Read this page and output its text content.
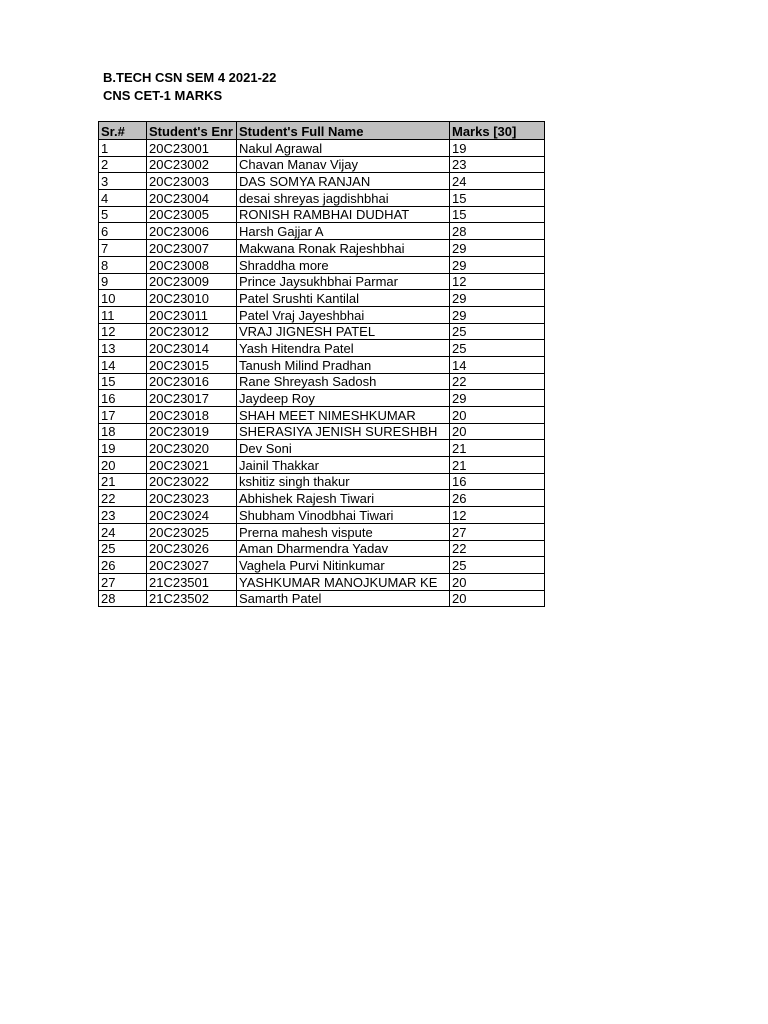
B.TECH CSN SEM 4 2021-22
CNS CET-1 MARKS
Sr.#	Student's Enr	Student's Full Name	Marks [30]
1	20C23001	Nakul Agrawal	19
2	20C23002	Chavan Manav Vijay	23
3	20C23003	DAS SOMYA RANJAN	24
4	20C23004	desai shreyas jagdishbhai	15
5	20C23005	RONISH RAMBHAI DUDHAT	15
6	20C23006	Harsh Gajjar A	28
7	20C23007	Makwana Ronak Rajeshbhai	29
8	20C23008	Shraddha more	29
9	20C23009	Prince Jaysukhbhai Parmar	12
10	20C23010	Patel Srushti Kantilal	29
11	20C23011	Patel Vraj Jayeshbhai	29
12	20C23012	VRAJ JIGNESH PATEL	25
13	20C23014	Yash Hitendra Patel	25
14	20C23015	Tanush Milind Pradhan	14
15	20C23016	Rane Shreyash Sadosh	22
16	20C23017	Jaydeep Roy	29
17	20C23018	SHAH MEET NIMESHKUMAR	20
18	20C23019	SHERASIYA JENISH SURESHBH	20
19	20C23020	Dev Soni	21
20	20C23021	Jainil Thakkar	21
21	20C23022	kshitiz singh thakur	16
22	20C23023	Abhishek Rajesh Tiwari	26
23	20C23024	Shubham Vinodbhai Tiwari	12
24	20C23025	Prerna mahesh vispute	27
25	20C23026	Aman Dharmendra Yadav	22
26	20C23027	Vaghela Purvi Nitinkumar	25
27	21C23501	YASHKUMAR MANOJKUMAR KE	20
28	21C23502	Samarth Patel	20
